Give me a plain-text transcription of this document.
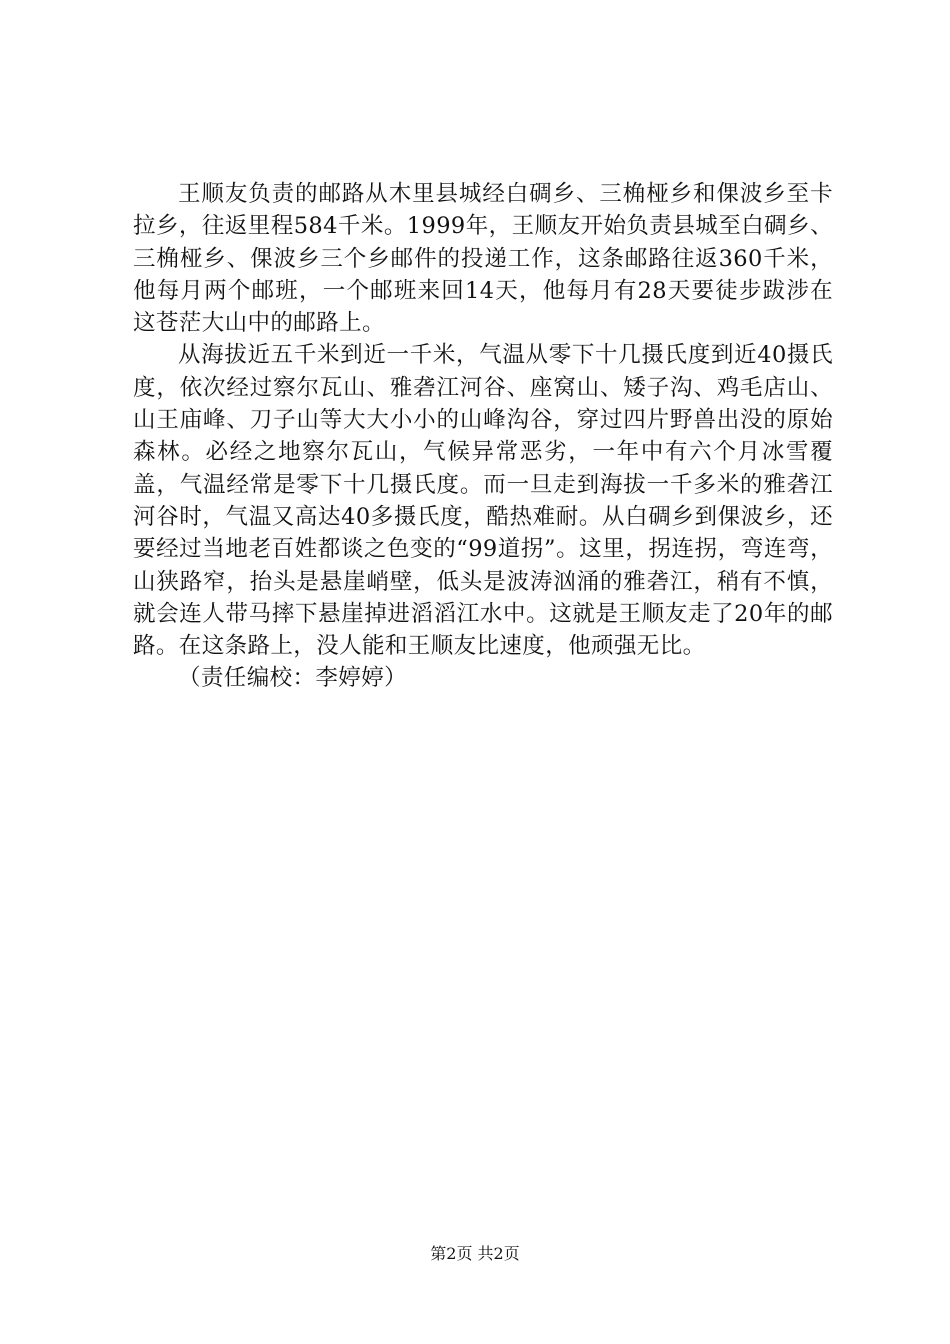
王顺友负责的邮路从木里县城经白碉乡、三桷桠乡和倮波乡至卡拉乡，往返里程584千米。1999年，王顺友开始负责县城至白碉乡、三桷桠乡、倮波乡三个乡邮件的投递工作，这条邮路往返360千米，他每月两个邮班，一个邮班来回14天，他每月有28天要徒步跋涉在这苍茫大山中的邮路上。

从海拔近五千米到近一千米，气温从零下十几摄氏度到近40摄氏度，依次经过察尔瓦山、雅砻江河谷、座窝山、矮子沟、鸡毛店山、山王庙峰、刀子山等大大小小的山峰沟谷，穿过四片野兽出没的原始森林。必经之地察尔瓦山，气候异常恶劣，一年中有六个月冰雪覆盖，气温经常是零下十几摄氏度。而一旦走到海拔一千多米的雅砻江河谷时，气温又高达40多摄氏度，酷热难耐。从白碉乡到倮波乡，还要经过当地老百姓都谈之色变的“99道拐”。这里，拐连拐，弯连弯，山狭路窄，抬头是悬崖峭壁，低头是波涛汹涌的雅砻江，稍有不慎，就会连人带马摔下悬崖掉进滔滔江水中。这就是王顺友走了20年的邮路。在这条路上，没人能和王顺友比速度，他顽强无比。

（责任编校：李婷婷）

第2页 共2页
